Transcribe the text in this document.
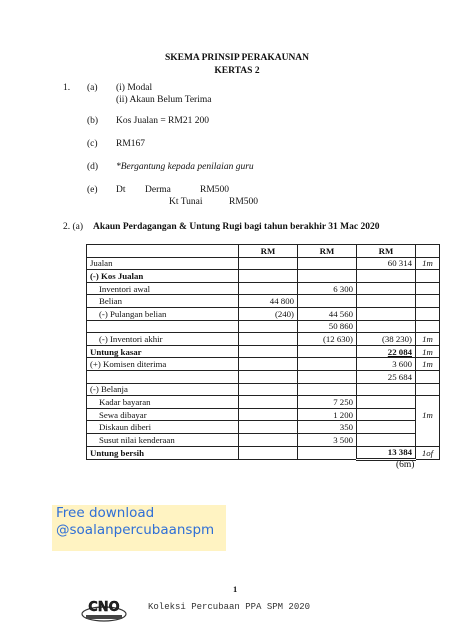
SKEMA PRINSIP PERAKAUNAN
KERTAS 2
1. (a) (i) Modal
(ii) Akaun Belum Terima
(b) Kos Jualan = RM21 200
(c) RM167
(d) *Bergantung kepada penilaian guru
(e) Dt Derma	RM500
Kt Tunai	RM500
2. (a) Akaun Perdagangan & Untung Rugi bagi tahun berakhir 31 Mac 2020
	RM	RM	RM	
Jualan			60 314	1m
(-) Kos Jualan				
Inventori awal		6 300		
Belian	44 800			
(-) Pulangan belian	(240)	44 560		
		50 860		
(-) Inventori akhir		(12 630)	(38 230)	1m
Untung kasar			22 084	1m
(+) Komisen diterima			3 600	1m
			25 684	
(-) Belanja				
Kadar bayaran		7 250		
Sewa dibayar		1 200		1m
Diskaun diberi		350		
Susut nilai kenderaan		3 500		
Untung bersih			13 384	1of
(6m)
Free download
@soalanpercubaanspm
1
CNO	Koleksi Percubaan PPA SPM 2020
